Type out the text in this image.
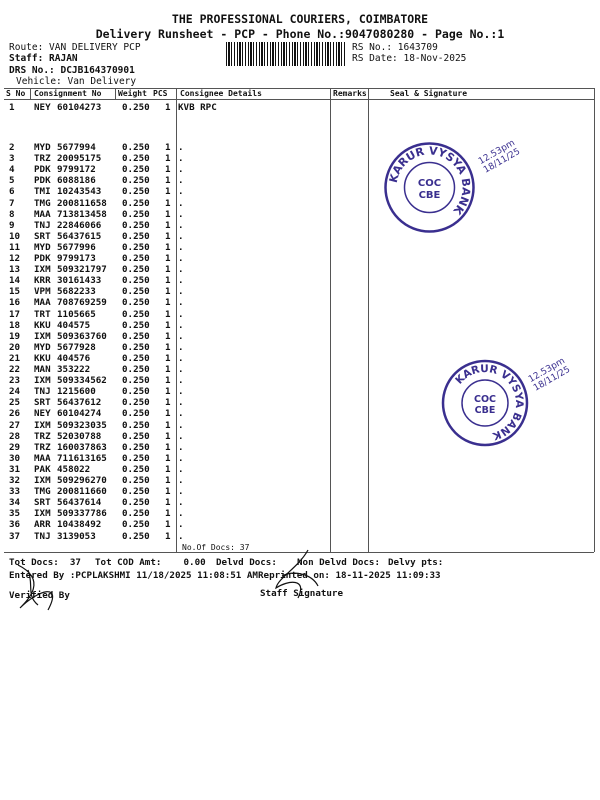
THE PROFESSIONAL COURIERS, COIMBATORE
Delivery Runsheet - PCP - Phone No.:9047080280 - Page No.:1
Route: VAN DELIVERY PCP
Staff: RAJAN
DRS No.: DCJB164370901
Vehicle: Van Delivery
RS No.: 1643709
RS Date: 18-Nov-2025
S No Consignment No Weight PCS Consignee Details	Remarks	Seal & Signature
1 NEY 60104273 0.250 1 KVB RPC
2 MYD 5677994	0.250 1 .
3 TRZ 20095175 0.250 1 .
4 PDK 9799172	0.250 1 .
5 PDK 6088186	0.250 1 .
6 TMI 10243543 0.250 1 .
7 TMG 200811658 0.250 1 .
8 MAA 713813458 0.250 1 .
9 TNJ 22846066 0.250 1 .
10 SRT 56437615 0.250 1 .
11 MYD 5677996	0.250 1 .
12 PDK 9799173	0.250 1 .
13 IXM 509321797 0.250 1 .
14 KRR 30161433 0.250 1 .
15 VPM 5682233	0.250 1 .
16 MAA 708769259 0.250 1 .
17 TRT 1105665	0.250 1 .
18 KKU 404575	0.250 1 .
19 IXM 509363760 0.250 1 .
20 MYD 5677928	0.250 1 .
21 KKU 404576	0.250 1 .
22 MAN 353222	0.250 1 .
23 IXM 509334562 0.250 1 .
24 TNJ 1215600	0.250 1 .
25 SRT 56437612 0.250 1 .
26 NEY 60104274 0.250 1 .
27 IXM 509323035 0.250 1 .
28 TRZ 52030788 0.250 1 .
29 TRZ 160037863 0.250 1 .
30 MAA 711613165 0.250 1 .
31 PAK 458022	0.250 1 .
32 IXM 509296270 0.250 1 .
33 TMG 200811660 0.250 1 .
34 SRT 56437614 0.250 1 .
35 IXM 509337786 0.250 1 .
36 ARR 10438492 0.250 1 .
37 TNJ 3139053	0.250 1 .
No.Of Docs: 37
Tot Docs:  37 Tot COD Amt:    0.00 Delvd Docs: Non Delvd Docs: Delvy pts:
Entered By :PCPLAKSHMI 11/18/2025 11:08:51 AM Reprinted on: 18-11-2025 11:09:33
Verified By	Staff Signature
KARUR VYSYA BANK
COC
CBE
12.53pm 18/11/25
KARUR VYSYA BANK
COC
CBE
12.53pm 18/11/25
